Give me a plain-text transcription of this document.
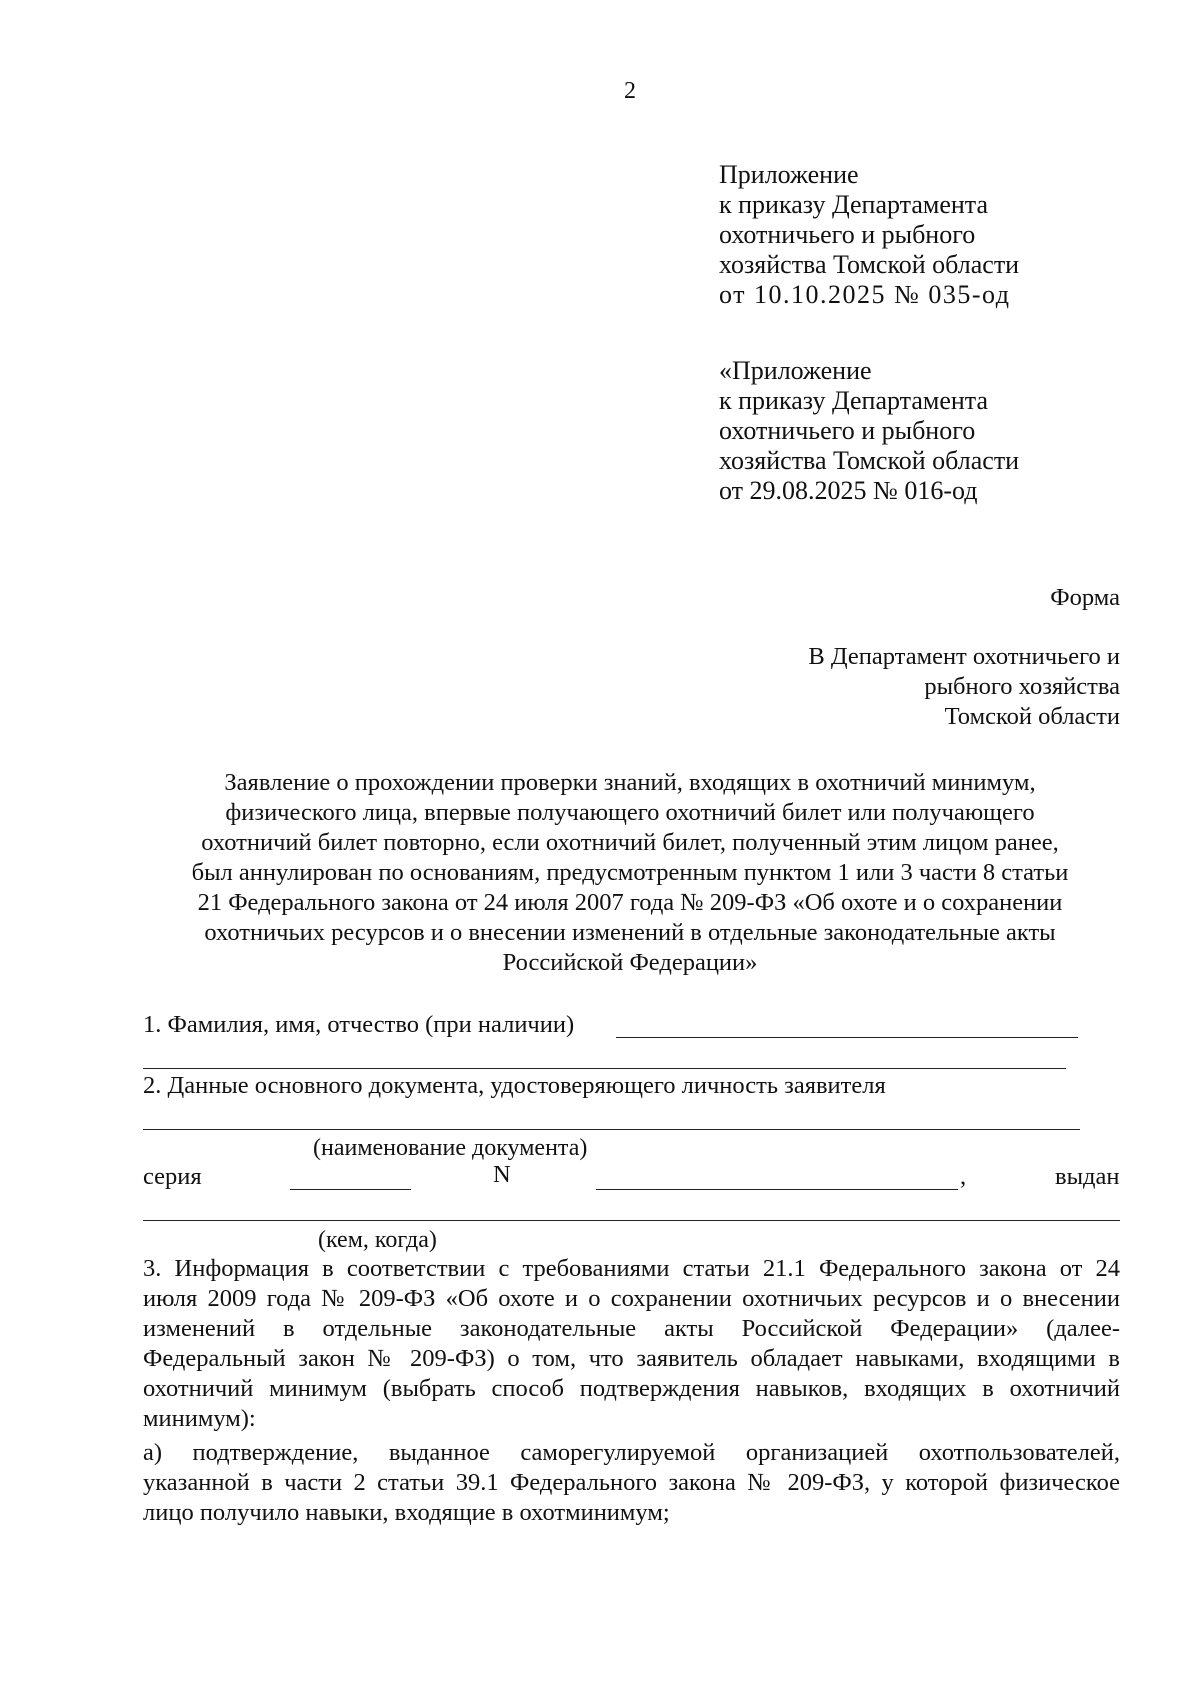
2
Приложение
к приказу Департамента
охотничьего и рыбного
хозяйства Томской области
от 10.10.2025 № 035-од
«Приложение
к приказу Департамента
охотничьего и рыбного
хозяйства Томской области
от 29.08.2025 № 016-од
Форма
В Департамент охотничьего и
рыбного хозяйства
Томской области
Заявление о прохождении проверки знаний, входящих в охотничий минимум,
физического лица, впервые получающего охотничий билет или получающего
охотничий билет повторно, если охотничий билет, полученный этим лицом ранее,
был аннулирован по основаниям, предусмотренным пунктом 1 или 3 части 8 статьи
21 Федерального закона от 24 июля 2007 года № 209-ФЗ «Об охоте и о сохранении
охотничьих ресурсов и о внесении изменений в отдельные законодательные акты
Российской Федерации»
1. Фамилия, имя, отчество (при наличии)
2. Данные основного документа, удостоверяющего личность заявителя
(наименование документа)
серия	N	,	выдан
(кем, когда)
3. Информация в соответствии с требованиями статьи 21.1 Федерального закона от 24
июля 2009 года № 209-ФЗ «Об охоте и о сохранении охотничьих ресурсов и о внесении
изменений в отдельные законодательные акты Российской Федерации» (далее-
Федеральный закон № 209-ФЗ) о том, что заявитель обладает навыками, входящими в
охотничий минимум (выбрать способ подтверждения навыков, входящих в охотничий
минимум):
а) подтверждение, выданное саморегулируемой организацией охотпользователей,
указанной в части 2 статьи 39.1 Федерального закона № 209-ФЗ, у которой физическое
лицо получило навыки, входящие в охотминимум;
